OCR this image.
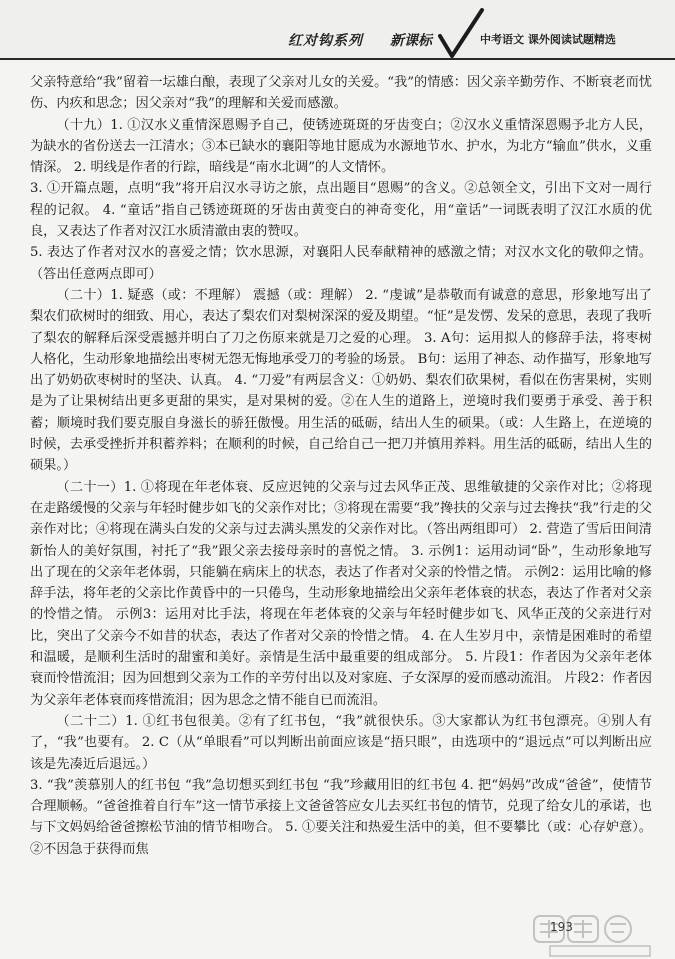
红对钩系列 新课标	中考语文 课外阅读试题精选

父亲特意给“我”留着一坛雄白酿，表现了父亲对儿女的关爱。“我”的情感：因父亲辛勤劳作、不断衰老而忧伤、内疚和思念；因父亲对“我”的理解和关爱而感激。

（十九）1. ①汉水义重情深恩赐予自己，使锈迹斑斑的牙齿变白；②汉水义重情深恩赐予北方人民，为缺水的省份送去一江清水；③本已缺水的襄阳等地甘愿成为水源地节水、护水，为北方“输血”供水，义重情深。 2. 明线是作者的行踪，暗线是“南水北调”的人文情怀。

3. ①开篇点题，点明“我”将开启汉水寻访之旅，点出题目“恩赐”的含义。②总领全文，引出下文对一周行程的记叙。 4. “童话”指自己锈迹斑斑的牙齿由黄变白的神奇变化，用“童话”一词既表明了汉江水质的优良，又表达了作者对汉江水质清澈由衷的赞叹。

5. 表达了作者对汉水的喜爱之情；饮水思源，对襄阳人民奉献精神的感激之情；对汉水文化的敬仰之情。（答出任意两点即可）

（二十）1. 疑惑（或：不理解） 震撼（或：理解） 2. “虔诚”是恭敬而有诚意的意思，形象地写出了梨农们砍树时的细致、用心，表达了梨农们对梨树深深的爱及期望。“怔”是发愣、发呆的意思，表现了我听了梨农的解释后深受震撼并明白了刀之伤原来就是刀之爱的心理。 3. A句：运用拟人的修辞手法，将枣树人格化，生动形象地描绘出枣树无怨无悔地承受刀的考验的场景。 B句：运用了神态、动作描写，形象地写出了奶奶砍枣树时的坚决、认真。 4. “刀爱”有两层含义：①奶奶、梨农们砍果树，看似在伤害果树，实则是为了让果树结出更多更甜的果实，是对果树的爱。②在人生的道路上，逆境时我们要勇于承受、善于积蓄；顺境时我们要克服自身滋长的骄狂傲慢。用生活的砥砺，结出人生的硕果。（或：人生路上，在逆境的时候，去承受挫折并积蓄养料；在顺利的时候，自己给自己一把刀并慎用养料。用生活的砥砺，结出人生的硕果。）

（二十一）1. ①将现在年老体衰、反应迟钝的父亲与过去风华正茂、思维敏捷的父亲作对比；②将现在走路缓慢的父亲与年轻时健步如飞的父亲作对比；③将现在需要“我”搀扶的父亲与过去搀扶“我”行走的父亲作对比；④将现在满头白发的父亲与过去满头黑发的父亲作对比。（答出两组即可） 2. 营造了雪后田间清新怡人的美好氛围，衬托了“我”跟父亲去接母亲时的喜悦之情。 3. 示例1：运用动词“卧”，生动形象地写出了现在的父亲年老体弱，只能躺在病床上的状态，表达了作者对父亲的怜惜之情。 示例2：运用比喻的修辞手法，将年老的父亲比作黄昏中的一只倦鸟，生动形象地描绘出父亲年老体衰的状态，表达了作者对父亲的怜惜之情。 示例3：运用对比手法，将现在年老体衰的父亲与年轻时健步如飞、风华正茂的父亲进行对比，突出了父亲今不如昔的状态，表达了作者对父亲的怜惜之情。 4. 在人生岁月中，亲情是困难时的希望和温暖，是顺利生活时的甜蜜和美好。亲情是生活中最重要的组成部分。 5. 片段1：作者因为父亲年老体衰而怜惜流泪；因为回想到父亲为工作的辛劳付出以及对家庭、子女深厚的爱而感动流泪。 片段2：作者因为父亲年老体衰而疼惜流泪；因为思念之情不能自已而流泪。

（二十二）1. ①红书包很美。②有了红书包，“我”就很快乐。③大家都认为红书包漂亮。④别人有了，“我”也要有。 2. C（从“单眼看”可以判断出前面应该是“捂只眼”，由选项中的“退远点”可以判断出应该是先凑近后退远。）

3. “我”羡慕别人的红书包 “我”急切想买到红书包 “我”珍藏用旧的红书包 4. 把“妈妈”改成“爸爸”，使情节合理顺畅。“爸爸推着自行车”这一情节承接上文爸爸答应女儿去买红书包的情节，兑现了给女儿的承诺，也与下文妈妈给爸爸擦松节油的情节相吻合。 5. ①要关注和热爱生活中的美，但不要攀比（或：心存妒意）。②不因急于获得而焦

193
